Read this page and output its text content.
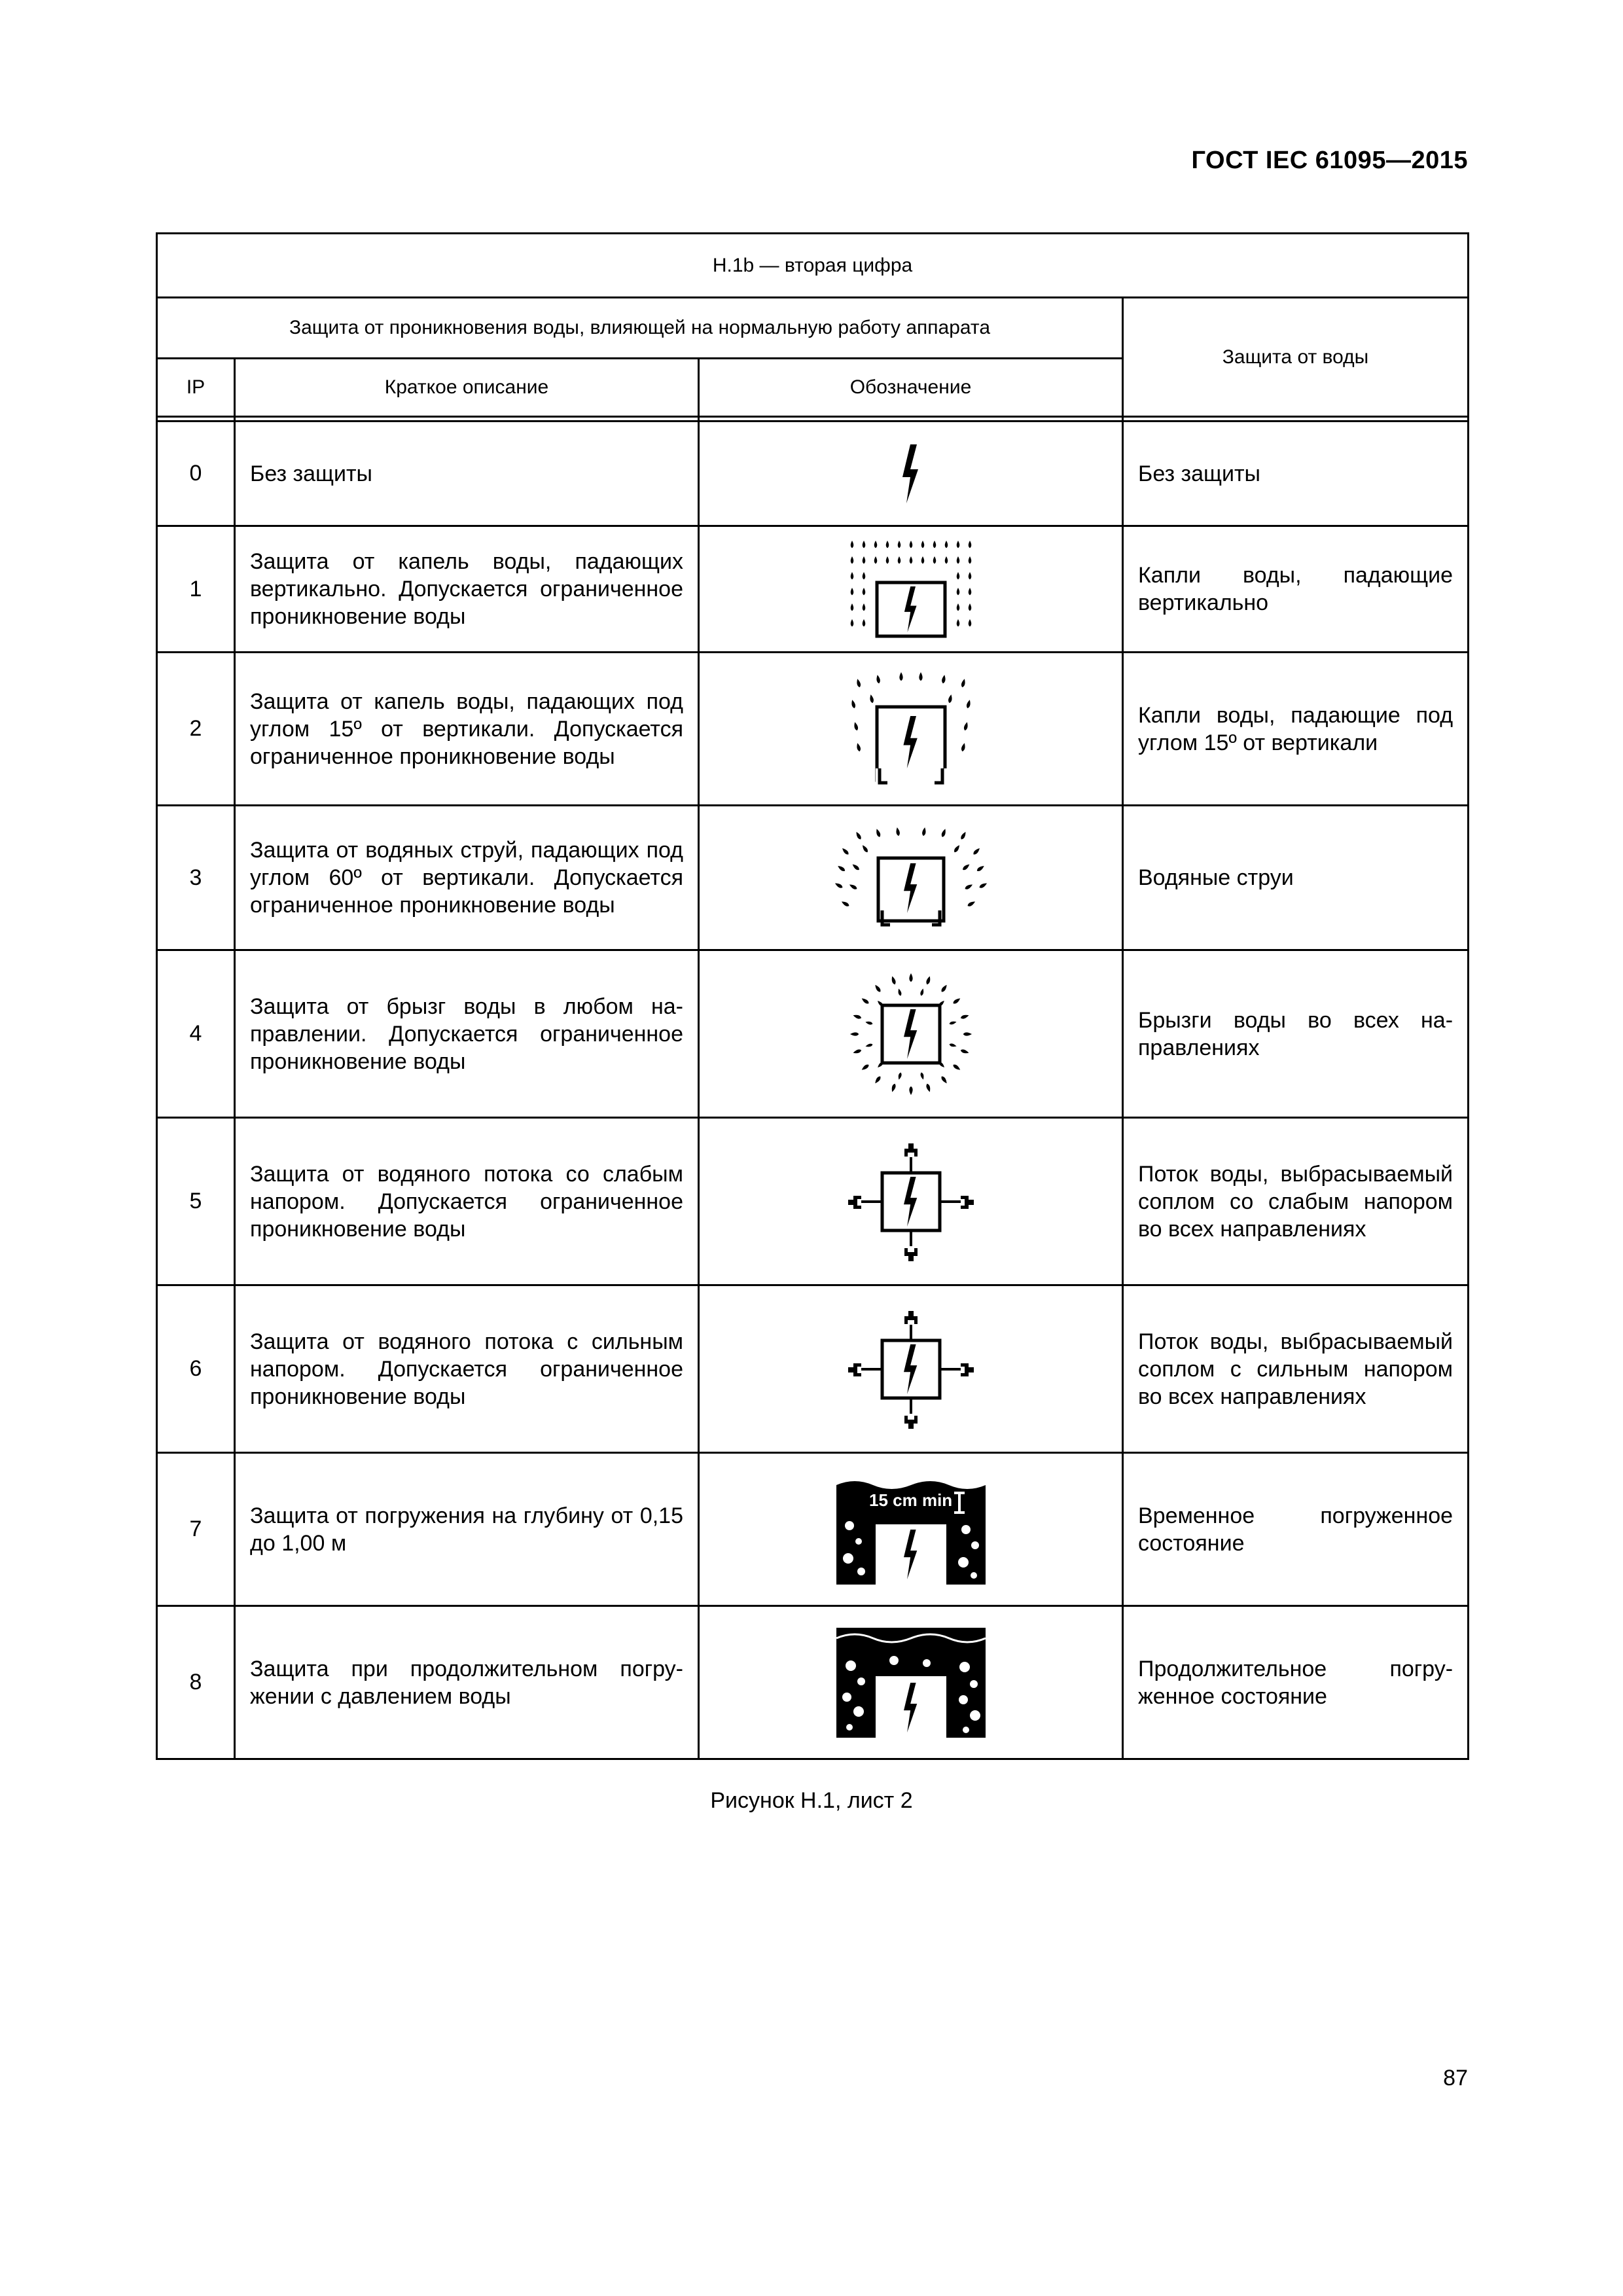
ГОСТ IEC 61095—2015
Н.1b — вторая цифра			
Защита от проникновения воды, влияющей на нормальную работу аппарата			Защита от воды
IP	Краткое описание	Обозначение	

0	Без защиты		Без защиты
1	Защита от капель воды, падающих вертикально. Допускается ограниченное проникновение воды		Капли воды, падающие вертикально
2	Защита от капель воды, падающих под углом 15º от вертикали. Допускается ограниченное проникновение воды		Капли воды, падающие под углом 15º от вертикали
3	Защита от водяных струй, падающих под углом 60º от вертикали. Допускается ограниченное проникновение воды		Водяные струи
4	Защита от брызг воды в любом направлении. Допускается ограниченное проникновение воды		Брызги воды во всех направлениях
5	Защита от водяного потока со слабым напором. Допускается ограниченное проникновение воды		Поток воды, выбрасываемый соплом со слабым напором во всех направлениях
6	Защита от водяного потока с сильным напором. Допускается ограниченное проникновение воды		Поток воды, выбрасываемый соплом с сильным напором во всех направлениях
7	Защита от погружения на глубину от 0,15 до 1,00 м	15 cm min	Временное погруженное состояние
8	Защита при продолжительном погружении с давлением воды		Продолжительное погруженное состояние
Рисунок Н.1, лист 2
87
